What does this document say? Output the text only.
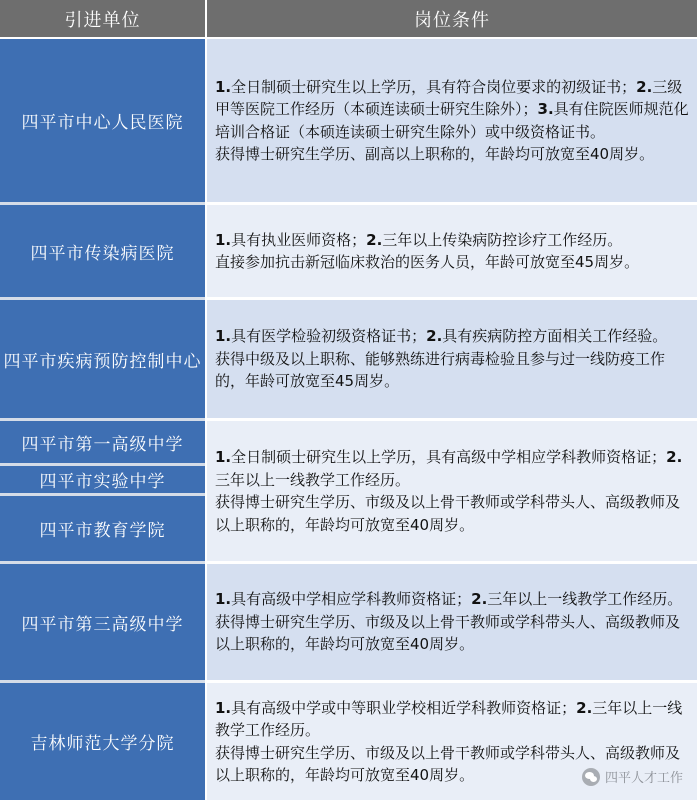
引进单位	岗位条件
四平市中心人民医院

1.全日制硕士研究生以上学历，具有符合岗位要求的初级证书；2.三级甲等医院工作经历（本硕连读硕士研究生除外）；3.具有住院医师规范化培训合格证（本硕连读硕士研究生除外）或中级资格证书。

获得博士研究生学历、副高以上职称的，年龄均可放宽至40周岁。

四平市传染病医院

1.具有执业医师资格；2.三年以上传染病防控诊疗工作经历。

直接参加抗击新冠临床救治的医务人员，年龄可放宽至45周岁。

四平市疾病预防控制中心

1.具有医学检验初级资格证书；2.具有疾病防控方面相关工作经验。

获得中级及以上职称、能够熟练进行病毒检验且参与过一线防疫工作的，年龄可放宽至45周岁。

四平市第一高级中学
四平市实验中学
四平市教育学院

1.全日制硕士研究生以上学历，具有高级中学相应学科教师资格证；2.三年以上一线教学工作经历。

获得博士研究生学历、市级及以上骨干教师或学科带头人、高级教师及以上职称的，年龄均可放宽至40周岁。

四平市第三高级中学

1.具有高级中学相应学科教师资格证；2.三年以上一线教学工作经历。

获得博士研究生学历、市级及以上骨干教师或学科带头人、高级教师及以上职称的，年龄均可放宽至40周岁。

吉林师范大学分院

1.具有高级中学或中等职业学校相近学科教师资格证；2.三年以上一线教学工作经历。

获得博士研究生学历、市级及以上骨干教师或学科带头人、高级教师及以上职称的，年龄均可放宽至40周岁。	四平人才工作
